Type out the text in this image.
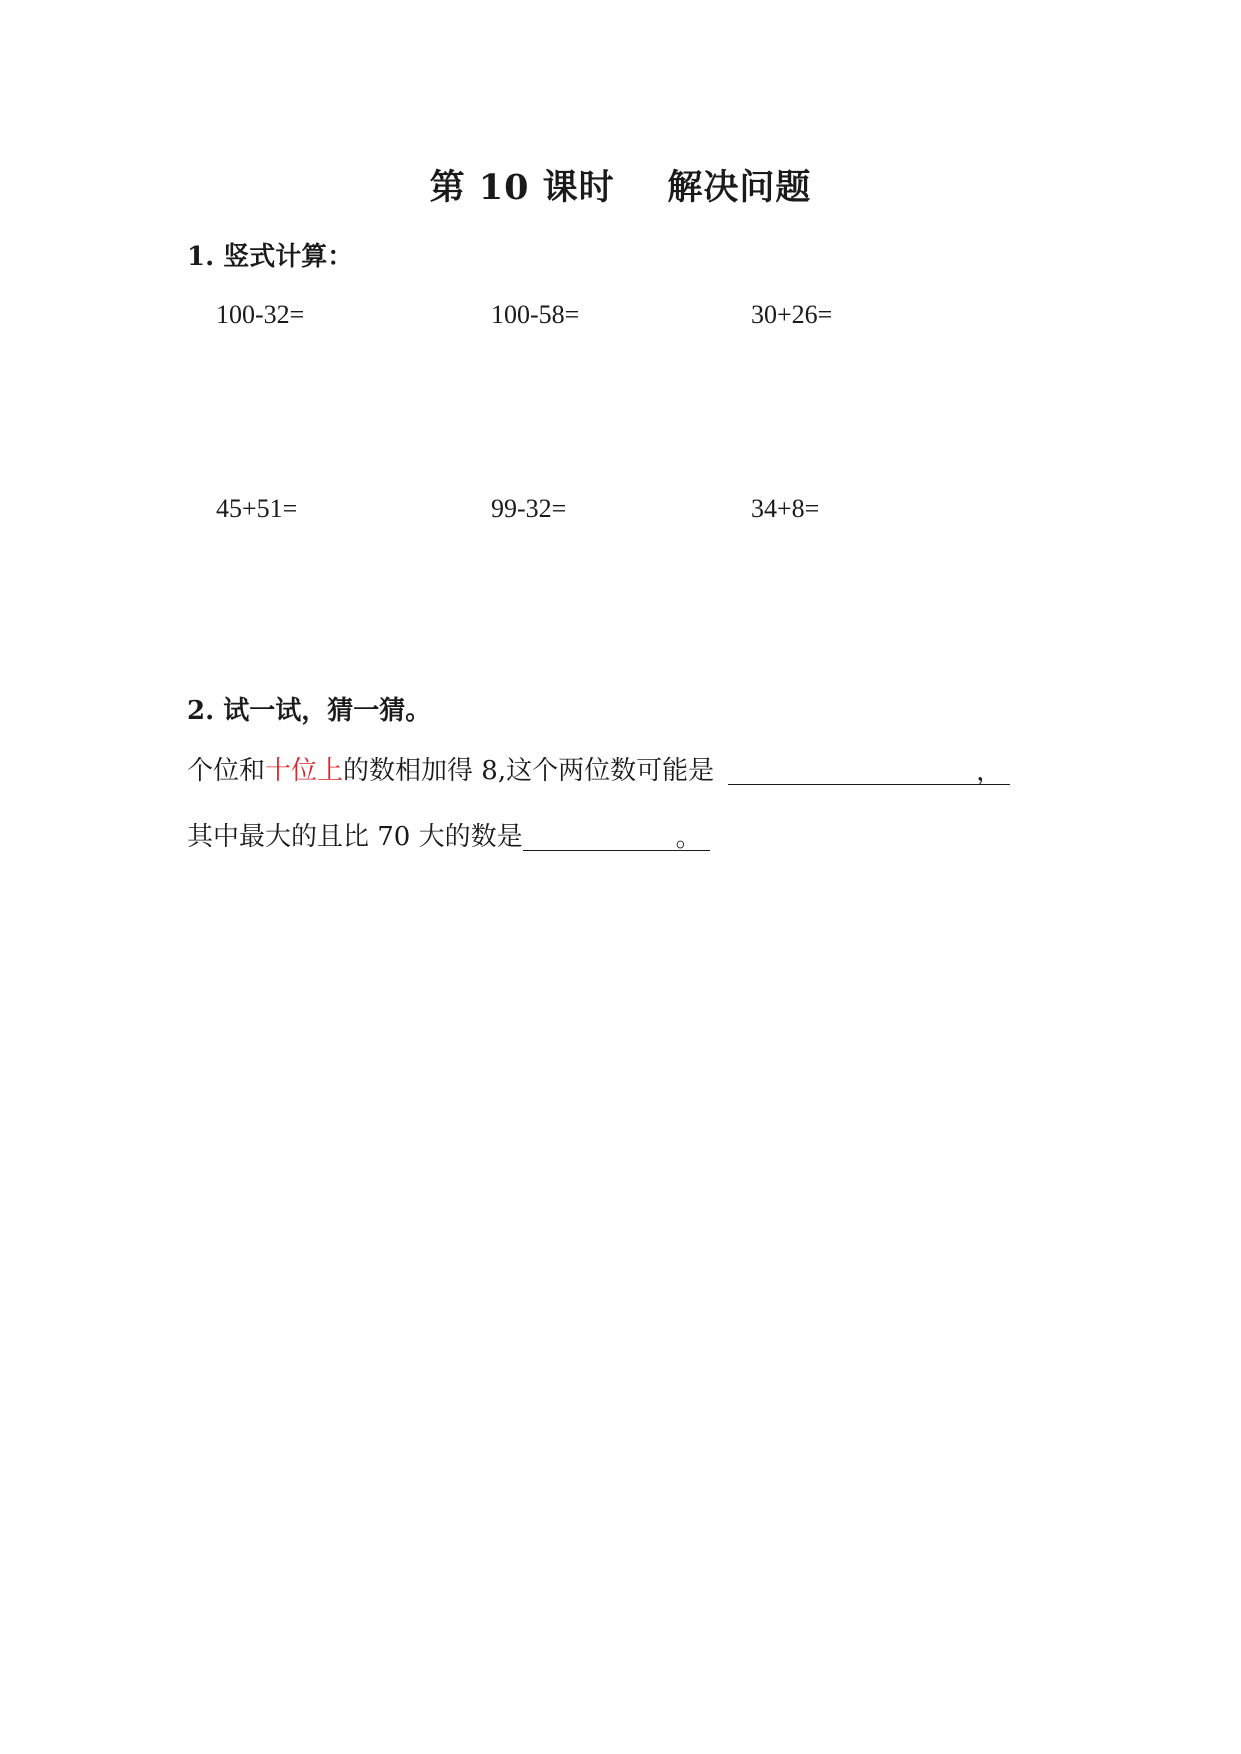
第 10 课时    解决问题
1. 竖式计算：
100-32=	100-58=	30+26=
45+51=	99-32=	34+8=
2. 试一试，猜一猜。
个位和十位上的数相加得 8,这个两位数可能是	，
其中最大的且比 70 大的数是	。
